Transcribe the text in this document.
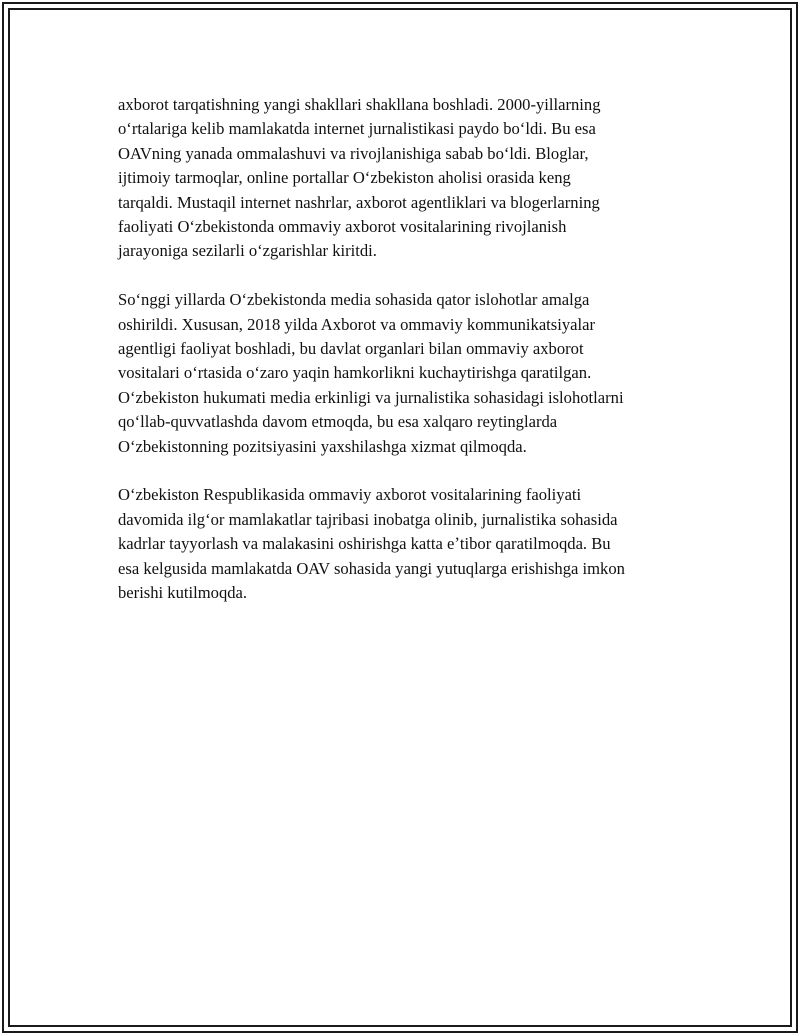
axborot tarqatishning yangi shakllari shakllana boshladi. 2000-yillarning
oʻrtalariga kelib mamlakatda internet jurnalistikasi paydo boʻldi. Bu esa
OAVning yanada ommalashuvi va rivojlanishiga sabab boʻldi. Bloglar,
ijtimoiy tarmoqlar, online portallar Oʻzbekiston aholisi orasida keng
tarqaldi. Mustaqil internet nashrlar, axborot agentliklari va blogerlarning
faoliyati Oʻzbekistonda ommaviy axborot vositalarining rivojlanish
jarayoniga sezilarli oʻzgarishlar kiritdi.

Soʻnggi yillarda Oʻzbekistonda media sohasida qator islohotlar amalga
oshirildi. Xususan, 2018 yilda Axborot va ommaviy kommunikatsiyalar
agentligi faoliyat boshladi, bu davlat organlari bilan ommaviy axborot
vositalari oʻrtasida oʻzaro yaqin hamkorlikni kuchaytirishga qaratilgan.
Oʻzbekiston hukumati media erkinligi va jurnalistika sohasidagi islohotlarni
qoʻllab-quvvatlashda davom etmoqda, bu esa xalqaro reytinglarda
Oʻzbekistonning pozitsiyasini yaxshilashga xizmat qilmoqda.

Oʻzbekiston Respublikasida ommaviy axborot vositalarining faoliyati
davomida ilgʻor mamlakatlar tajribasi inobatga olinib, jurnalistika sohasida
kadrlar tayyorlash va malakasini oshirishga katta eʼtibor qaratilmoqda. Bu
esa kelgusida mamlakatda OAV sohasida yangi yutuqlarga erishishga imkon
berishi kutilmoqda.
